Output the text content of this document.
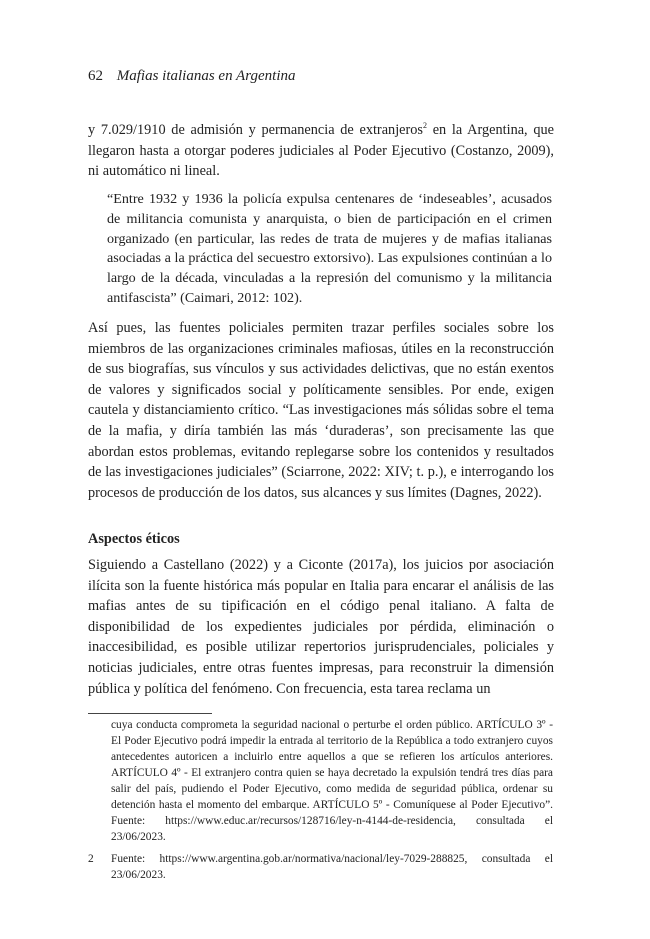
62 Mafias italianas en Argentina

y 7.029/1910 de admisión y permanencia de extranjeros$^2$ en la Argentina, que llegaron hasta a otorgar poderes judiciales al Poder Ejecutivo (Costanzo, 2009), ni automático ni lineal.

“Entre 1932 y 1936 la policía expulsa centenares de ‘indeseables’, acusados de militancia comunista y anarquista, o bien de participación en el crimen organizado (en particular, las redes de trata de mujeres y de mafias italianas asociadas a la práctica del secuestro extorsivo). Las expulsiones continúan a lo largo de la década, vinculadas a la represión del comunismo y la militancia antifascista” (Caimari, 2012: 102).

Así pues, las fuentes policiales permiten trazar perfiles sociales sobre los miembros de las organizaciones criminales mafiosas, útiles en la reconstrucción de sus biografías, sus vínculos y sus actividades delictivas, que no están exentos de valores y significados social y políticamente sensibles. Por ende, exigen cautela y distanciamiento crítico. “Las investigaciones más sólidas sobre el tema de la mafia, y diría también las más ‘duraderas’, son precisamente las que abordan estos problemas, evitando replegarse sobre los contenidos y resultados de las investigaciones judiciales” (Sciarrone, 2022: XIV; t. p.), e interrogando los procesos de producción de los datos, sus alcances y sus límites (Dagnes, 2022).

Aspectos éticos

Siguiendo a Castellano (2022) y a Ciconte (2017a), los juicios por asociación ilícita son la fuente histórica más popular en Italia para encarar el análisis de las mafias antes de su tipificación en el código penal italiano. A falta de disponibilidad de los expedientes judiciales por pérdida, eliminación o inaccesibilidad, es posible utilizar repertorios jurisprudenciales, policiales y noticias judiciales, entre otras fuentes impresas, para reconstruir la dimensión pública y política del fenómeno. Con frecuencia, esta tarea reclama un

cuya conducta comprometa la seguridad nacional o perturbe el orden público. ARTÍCULO 3º - El Poder Ejecutivo podrá impedir la entrada al territorio de la República a todo extranjero cuyos antecedentes autoricen a incluirlo entre aquellos a que se refieren los artículos anteriores. ARTÍCULO 4º - El extranjero contra quien se haya decretado la expulsión tendrá tres días para salir del país, pudiendo el Poder Ejecutivo, como medida de seguridad pública, ordenar su detención hasta el momento del embarque. ARTÍCULO 5º - Comuníquese al Poder Ejecutivo”. Fuente: https://www.educ.ar/recursos/128716/ley-n-4144-de-residencia, consultada el 23/06/2023.

2 Fuente: https://www.argentina.gob.ar/normativa/nacional/ley-7029-288825, consultada el 23/06/2023.
